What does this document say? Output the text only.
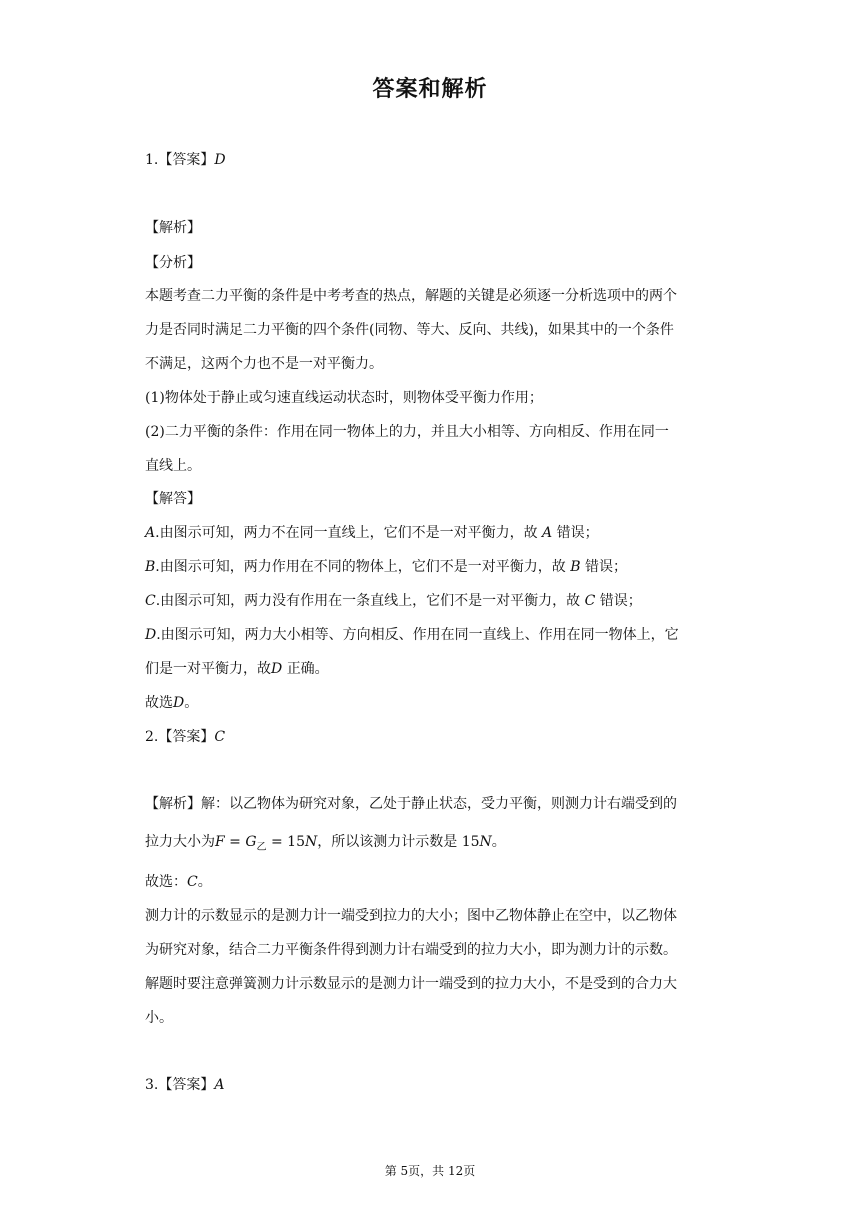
答案和解析
1.【答案】D
【解析】
【分析】
本题考查二力平衡的条件是中考考查的热点，解题的关键是必须逐一分析选项中的两个
力是否同时满足二力平衡的四个条件(同物、等大、反向、共线)，如果其中的一个条件
不满足，这两个力也不是一对平衡力。
(1)物体处于静止或匀速直线运动状态时，则物体受平衡力作用；
(2)二力平衡的条件：作用在同一物体上的力，并且大小相等、方向相反、作用在同一
直线上。
【解答】
A.由图示可知，两力不在同一直线上，它们不是一对平衡力，故 A 错误；
B.由图示可知，两力作用在不同的物体上，它们不是一对平衡力，故 B 错误；
C.由图示可知，两力没有作用在一条直线上，它们不是一对平衡力，故 C 错误；
D.由图示可知，两力大小相等、方向相反、作用在同一直线上、作用在同一物体上，它
们是一对平衡力，故D 正确。
故选D。
2.【答案】C
【解析】解：以乙物体为研究对象，乙处于静止状态，受力平衡，则测力计右端受到的
拉力大小为$F = G_乙 = 15N$，所以该测力计示数是 15N。
故选：C。
测力计的示数显示的是测力计一端受到拉力的大小；图中乙物体静止在空中，以乙物体
为研究对象，结合二力平衡条件得到测力计右端受到的拉力大小，即为测力计的示数。
解题时要注意弹簧测力计示数显示的是测力计一端受到的拉力大小，不是受到的合力大
小。
3.【答案】A
第 5页，共 12页
